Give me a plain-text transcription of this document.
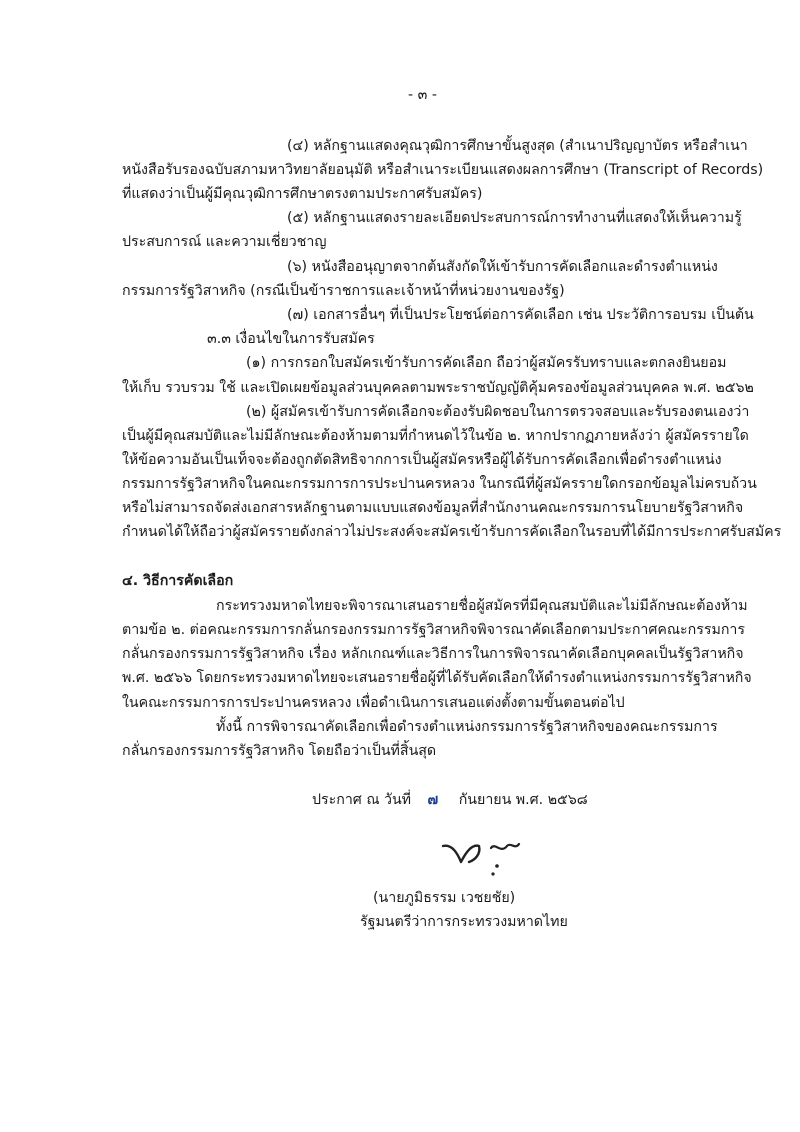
- ๓ -
(๔) หลักฐานแสดงคุณวุฒิการศึกษาขั้นสูงสุด (สำเนาปริญญาบัตร หรือสำเนา
หนังสือรับรองฉบับสภามหาวิทยาลัยอนุมัติ หรือสำเนาระเบียนแสดงผลการศึกษา (Transcript of Records)
ที่แสดงว่าเป็นผู้มีคุณวุฒิการศึกษาตรงตามประกาศรับสมัคร)
(๕) หลักฐานแสดงรายละเอียดประสบการณ์การทำงานที่แสดงให้เห็นความรู้
ประสบการณ์ และความเชี่ยวชาญ
(๖) หนังสืออนุญาตจากต้นสังกัดให้เข้ารับการคัดเลือกและดำรงตำแหน่ง
กรรมการรัฐวิสาหกิจ (กรณีเป็นข้าราชการและเจ้าหน้าที่หน่วยงานของรัฐ)
(๗) เอกสารอื่นๆ ที่เป็นประโยชน์ต่อการคัดเลือก เช่น ประวัติการอบรม เป็นต้น
๓.๓ เงื่อนไขในการรับสมัคร
(๑) การกรอกใบสมัครเข้ารับการคัดเลือก ถือว่าผู้สมัครรับทราบและตกลงยินยอม
ให้เก็บ รวบรวม ใช้ และเปิดเผยข้อมูลส่วนบุคคลตามพระราชบัญญัติคุ้มครองข้อมูลส่วนบุคคล พ.ศ. ๒๕๖๒
(๒) ผู้สมัครเข้ารับการคัดเลือกจะต้องรับผิดชอบในการตรวจสอบและรับรองตนเองว่า
เป็นผู้มีคุณสมบัติและไม่มีลักษณะต้องห้ามตามที่กำหนดไว้ในข้อ ๒. หากปรากฏภายหลังว่า ผู้สมัครรายใด
ให้ข้อความอันเป็นเท็จจะต้องถูกตัดสิทธิจากการเป็นผู้สมัครหรือผู้ได้รับการคัดเลือกเพื่อดำรงตำแหน่ง
กรรมการรัฐวิสาหกิจในคณะกรรมการการประปานครหลวง ในกรณีที่ผู้สมัครรายใดกรอกข้อมูลไม่ครบถ้วน
หรือไม่สามารถจัดส่งเอกสารหลักฐานตามแบบแสดงข้อมูลที่สำนักงานคณะกรรมการนโยบายรัฐวิสาหกิจ
กำหนดได้ให้ถือว่าผู้สมัครรายดังกล่าวไม่ประสงค์จะสมัครเข้ารับการคัดเลือกในรอบที่ได้มีการประกาศรับสมัคร
๔. วิธีการคัดเลือก
กระทรวงมหาดไทยจะพิจารณาเสนอรายชื่อผู้สมัครที่มีคุณสมบัติและไม่มีลักษณะต้องห้าม
ตามข้อ ๒. ต่อคณะกรรมการกลั่นกรองกรรมการรัฐวิสาหกิจพิจารณาคัดเลือกตามประกาศคณะกรรมการ
กลั่นกรองกรรมการรัฐวิสาหกิจ เรื่อง หลักเกณฑ์และวิธีการในการพิจารณาคัดเลือกบุคคลเป็นรัฐวิสาหกิจ
พ.ศ. ๒๕๖๖ โดยกระทรวงมหาดไทยจะเสนอรายชื่อผู้ที่ได้รับคัดเลือกให้ดำรงตำแหน่งกรรมการรัฐวิสาหกิจ
ในคณะกรรมการการประปานครหลวง เพื่อดำเนินการเสนอแต่งตั้งตามขั้นตอนต่อไป
ทั้งนี้ การพิจารณาคัดเลือกเพื่อดำรงตำแหน่งกรรมการรัฐวิสาหกิจของคณะกรรมการ
กลั่นกรองกรรมการรัฐวิสาหกิจ โดยถือว่าเป็นที่สิ้นสุด
ประกาศ ณ วันที่ ๗ กันยายน พ.ศ. ๒๕๖๘
(นายภูมิธรรม เวชยชัย)
รัฐมนตรีว่าการกระทรวงมหาดไทย
